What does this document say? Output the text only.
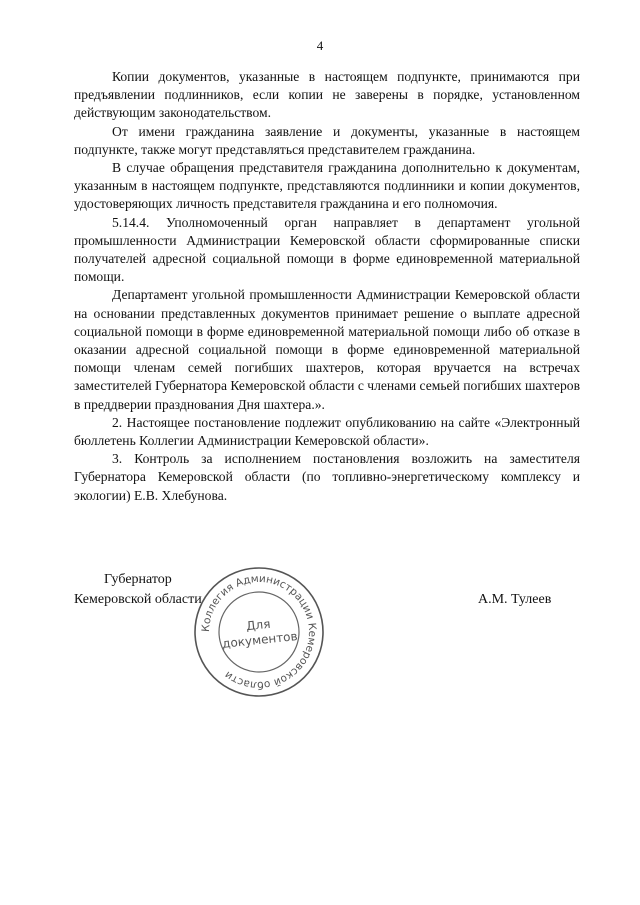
4

Копии документов, указанные в настоящем подпункте, принимаются при предъявлении подлинников, если копии не заверены в порядке, установленном действующим законодательством.

От имени гражданина заявление и документы, указанные в настоящем подпункте, также могут представляться представителем гражданина.

В случае обращения представителя гражданина дополнительно к документам, указанным в настоящем подпункте, представляются подлинники и копии документов, удостоверяющих личность представителя гражданина и его полномочия.

5.14.4. Уполномоченный орган направляет в департамент угольной промышленности Администрации Кемеровской области сформированные списки получателей адресной социальной помощи в форме единовременной материальной помощи.

Департамент угольной промышленности Администрации Кемеровской области на основании представленных документов принимает решение о выплате адресной социальной помощи в форме единовременной материальной помощи либо об отказе в оказании адресной социальной помощи в форме единовременной материальной помощи членам семей погибших шахтеров, которая вручается на встречах заместителей Губернатора Кемеровской области с членами семьей погибших шахтеров в преддверии празднования Дня шахтера.».

2. Настоящее постановление подлежит опубликованию на сайте «Электронный бюллетень Коллегии Администрации Кемеровской области».

3. Контроль за исполнением постановления возложить на заместителя Губернатора Кемеровской области (по топливно-энергетическому комплексу и экологии) Е.В. Хлебунова.

Губернатор
Кемеровской области
Коллегия Администрации Кемеровской области
Для
документов
А.М. Тулеев
